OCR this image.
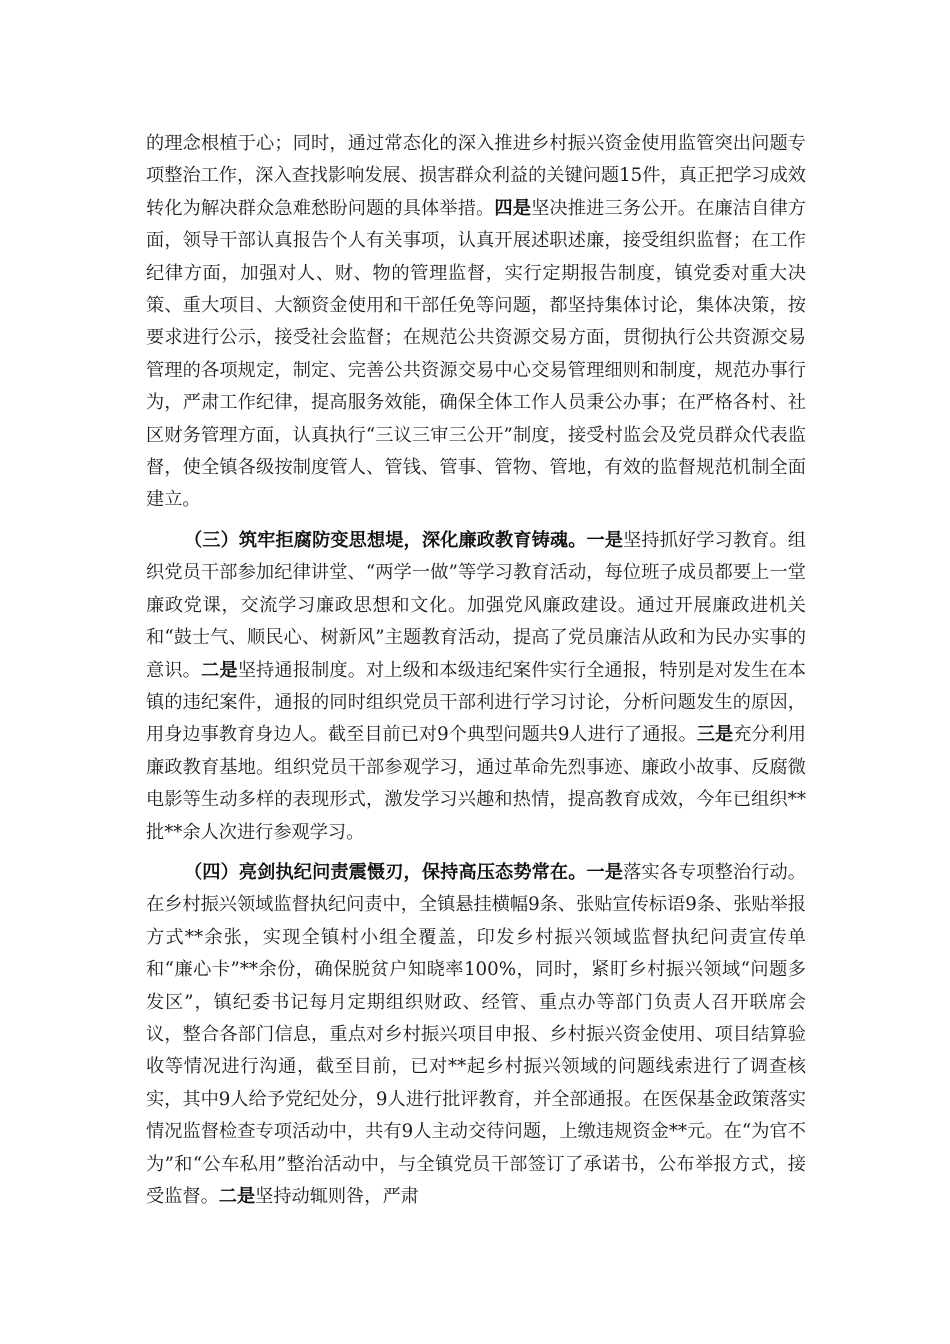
的理念根植于心；同时，通过常态化的深入推进乡村振兴资金使用监管突出问题专项整治工作，深入查找影响发展、损害群众利益的关键问题15件，真正把学习成效转化为解决群众急难愁盼问题的具体举措。四是坚决推进三务公开。在廉洁自律方面，领导干部认真报告个人有关事项，认真开展述职述廉，接受组织监督；在工作纪律方面，加强对人、财、物的管理监督，实行定期报告制度，镇党委对重大决策、重大项目、大额资金使用和干部任免等问题，都坚持集体讨论，集体决策，按要求进行公示，接受社会监督；在规范公共资源交易方面，贯彻执行公共资源交易管理的各项规定，制定、完善公共资源交易中心交易管理细则和制度，规范办事行为，严肃工作纪律，提高服务效能，确保全体工作人员秉公办事；在严格各村、社区财务管理方面，认真执行“三议三审三公开”制度，接受村监会及党员群众代表监督，使全镇各级按制度管人、管钱、管事、管物、管地，有效的监督规范机制全面建立。

（三）筑牢拒腐防变思想堤，深化廉政教育铸魂。一是坚持抓好学习教育。组织党员干部参加纪律讲堂、“两学一做”等学习教育活动，每位班子成员都要上一堂廉政党课，交流学习廉政思想和文化。加强党风廉政建设。通过开展廉政进机关和“鼓士气、顺民心、树新风”主题教育活动，提高了党员廉洁从政和为民办实事的意识。二是坚持通报制度。对上级和本级违纪案件实行全通报，特别是对发生在本镇的违纪案件，通报的同时组织党员干部利进行学习讨论，分析问题发生的原因，用身边事教育身边人。截至目前已对9个典型问题共9人进行了通报。三是充分利用廉政教育基地。组织党员干部参观学习，通过革命先烈事迹、廉政小故事、反腐微电影等生动多样的表现形式，激发学习兴趣和热情，提高教育成效，今年已组织**批**余人次进行参观学习。

（四）亮剑执纪问责震慑刃，保持高压态势常在。一是落实各专项整治行动。在乡村振兴领域监督执纪问责中，全镇悬挂横幅9条、张贴宣传标语9条、张贴举报方式**余张，实现全镇村小组全覆盖，印发乡村振兴领域监督执纪问责宣传单和“廉心卡”**余份，确保脱贫户知晓率100%，同时，紧盯乡村振兴领域“问题多发区”，镇纪委书记每月定期组织财政、经管、重点办等部门负责人召开联席会议，整合各部门信息，重点对乡村振兴项目申报、乡村振兴资金使用、项目结算验收等情况进行沟通，截至目前，已对**起乡村振兴领域的问题线索进行了调查核实，其中9人给予党纪处分，9人进行批评教育，并全部通报。在医保基金政策落实情况监督检查专项活动中，共有9人主动交待问题，上缴违规资金**元。在“为官不为”和“公车私用”整治活动中，与全镇党员干部签订了承诺书，公布举报方式，接受监督。二是坚持动辄则咎，严肃
